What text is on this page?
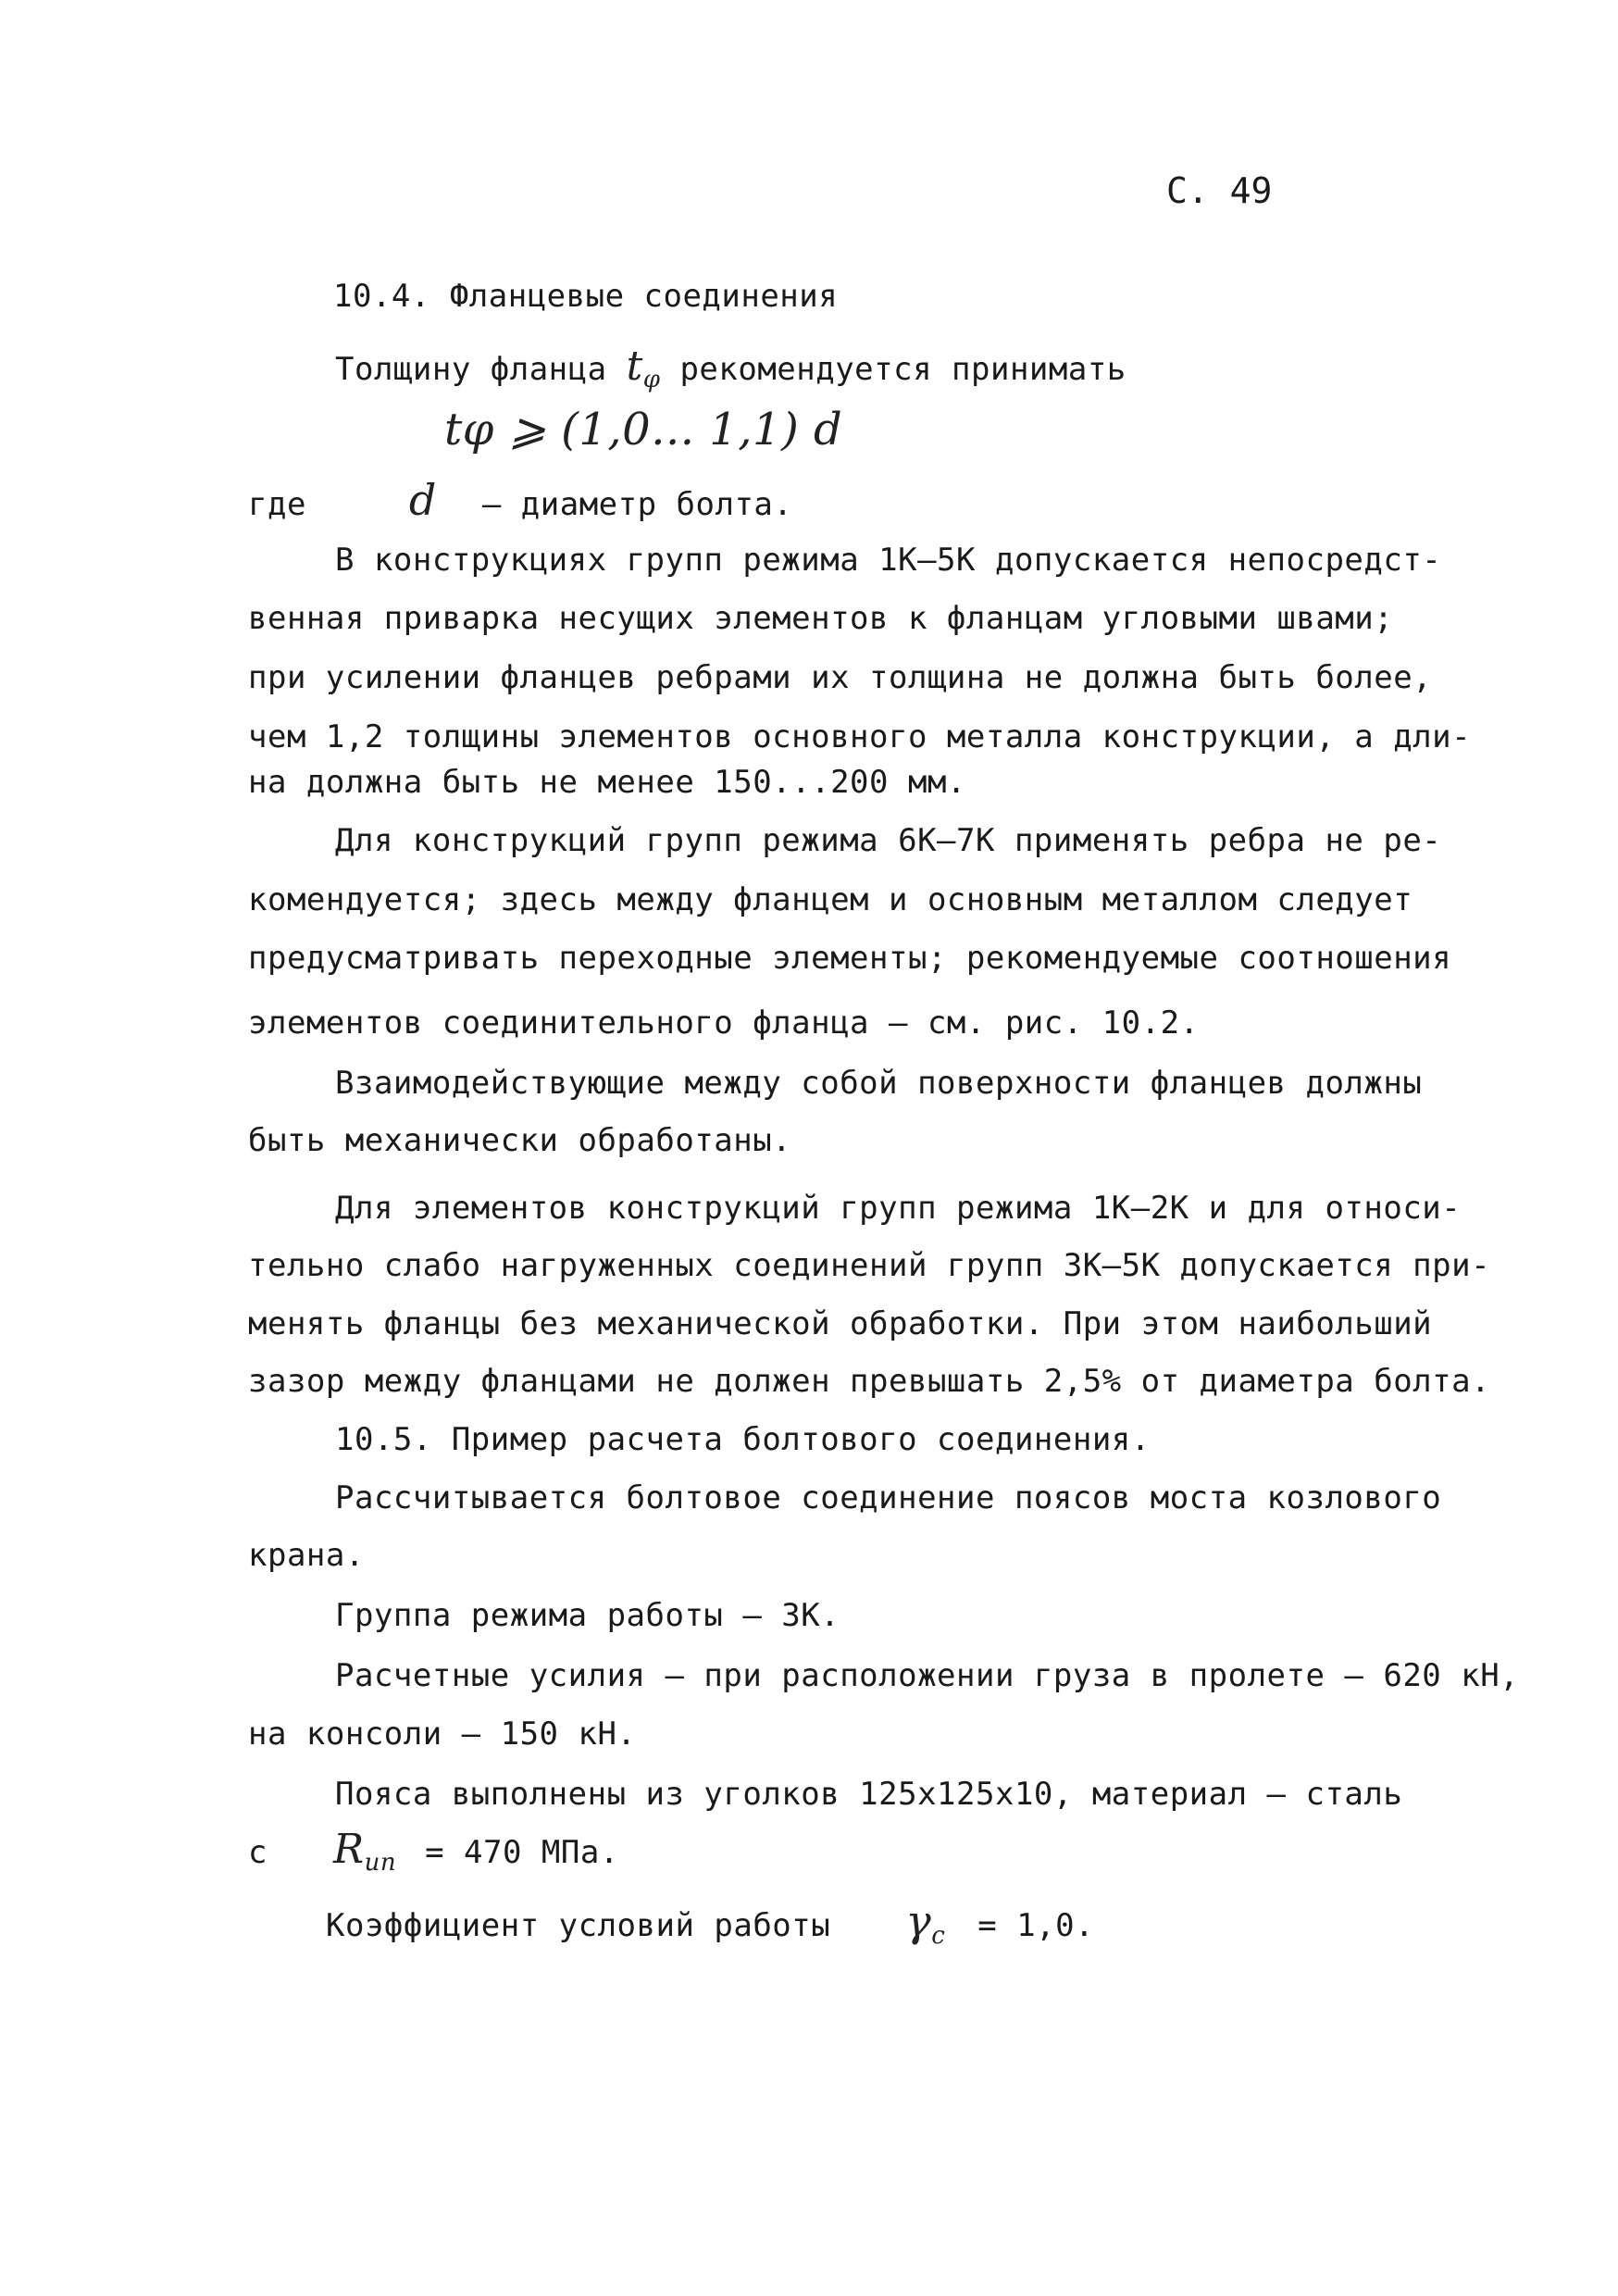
С. 49
10.4. Фланцевые соединения
Толщину фланца $t_\varphi$ рекомендуется принимать
tφ ⩾ (1,0... 1,1) d
где d – диаметр болта.
В конструкциях групп режима 1К–5К допускается непосредст-
венная приварка несущих элементов к фланцам угловыми швами;
при усилении фланцев ребрами их толщина не должна быть более,
чем 1,2 толщины элементов основного металла конструкции, а дли-
на должна быть не менее 150...200 мм.
Для конструкций групп режима 6К–7К применять ребра не ре-
комендуется; здесь между фланцем и основным металлом следует
предусматривать переходные элементы; рекомендуемые соотношения
элементов соединительного фланца – см. рис. 10.2.
Взаимодействующие между собой поверхности фланцев должны
быть механически обработаны.
Для элементов конструкций групп режима 1К–2К и для относи-
тельно слабо нагруженных соединений групп 3К–5К допускается при-
менять фланцы без механической обработки. При этом наибольший
зазор между фланцами не должен превышать 2,5% от диаметра болта.
10.5. Пример расчета болтового соединения.
Рассчитывается болтовое соединение поясов моста козлового
крана.
Группа режима работы – 3К.
Расчетные усилия – при расположении груза в пролете – 620 кН,
на консоли – 150 кН.
Пояса выполнены из уголков 125x125x10, материал – сталь
с $R_{un} = 470$ МПа.
Коэффициент условий работы $\gamma_c = 1,0$.
